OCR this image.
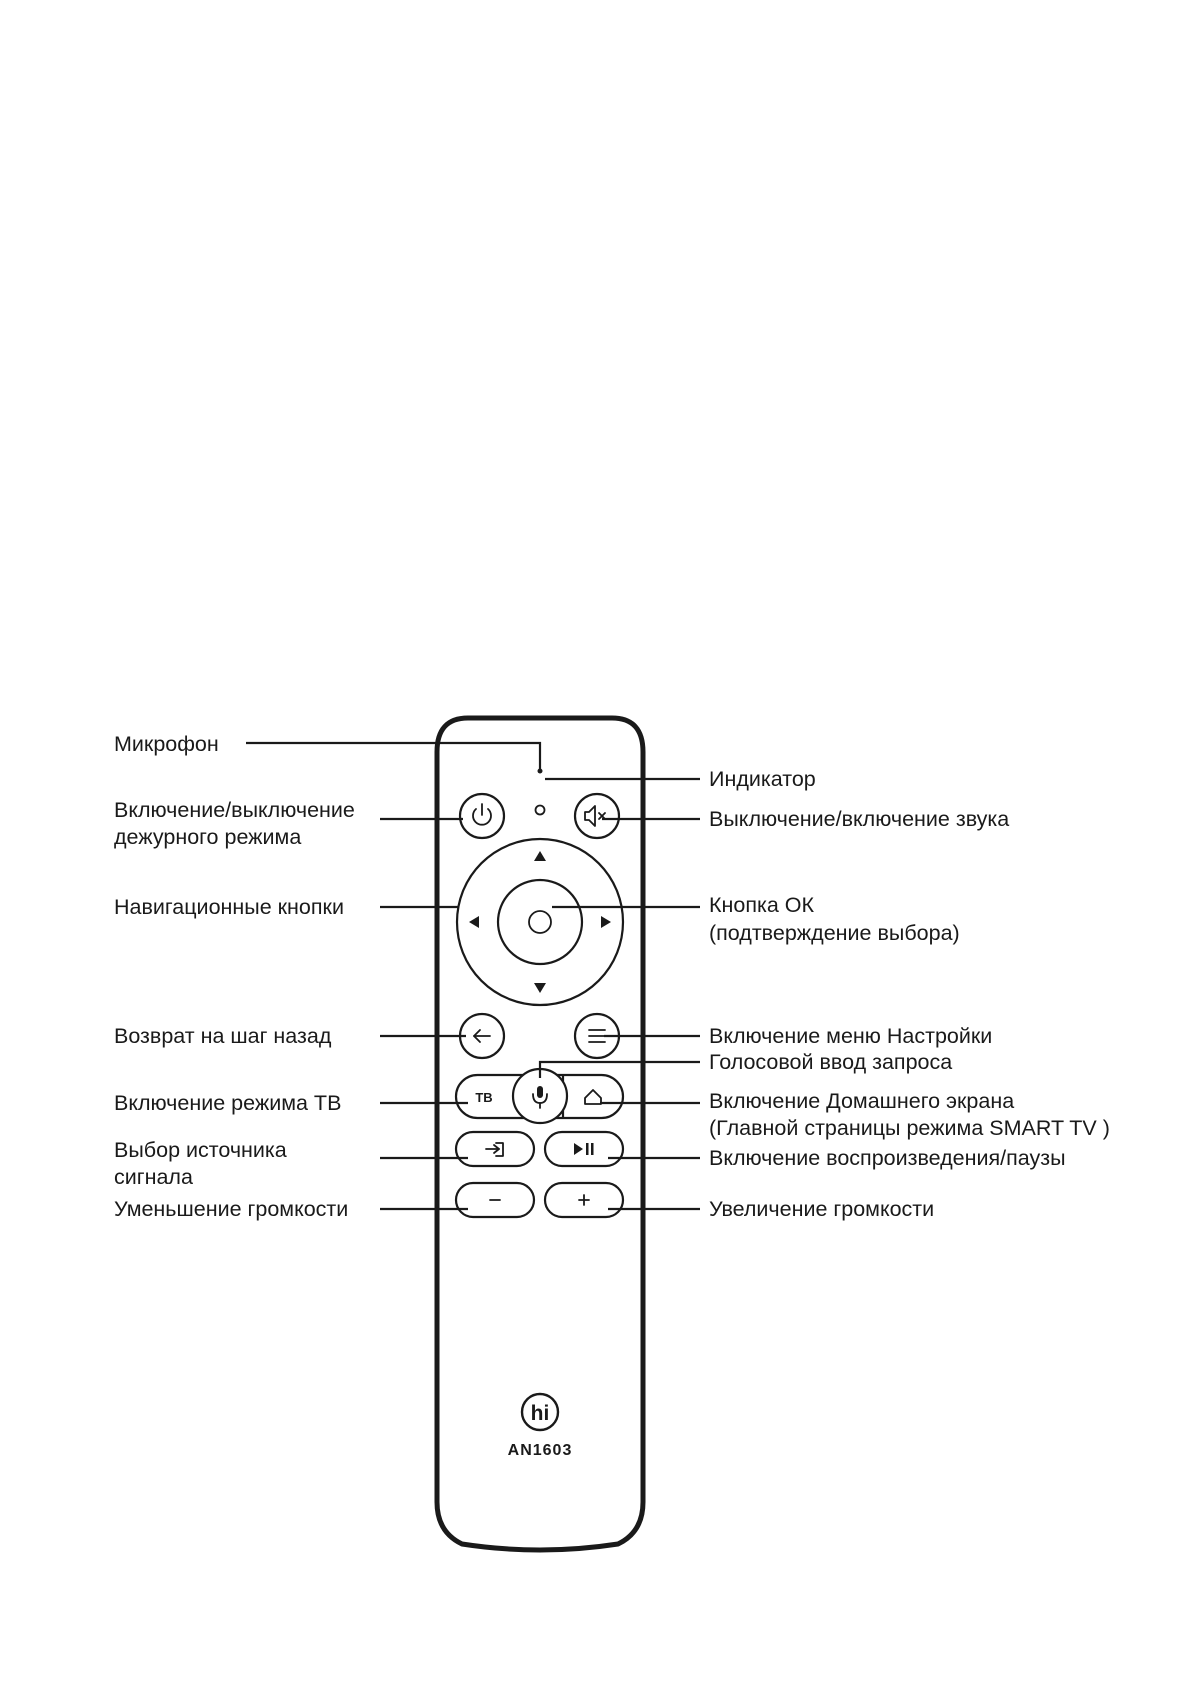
ТВ
hi
AN1603
Микрофон
Включение/выключение
дежурного режима
Навигационные кнопки
Возврат на шаг назад
Включение режима ТВ
Выбор источника
сигнала
Уменьшение громкости
Индикатор
Выключение/включение звука
Кнопка ОК
(подтверждение выбора)
Включение меню Настройки
Голосовой ввод запроса
Включение Домашнего экрана
(Главной страницы режима SMART TV )
Включение воспроизведения/паузы
Увеличение громкости
